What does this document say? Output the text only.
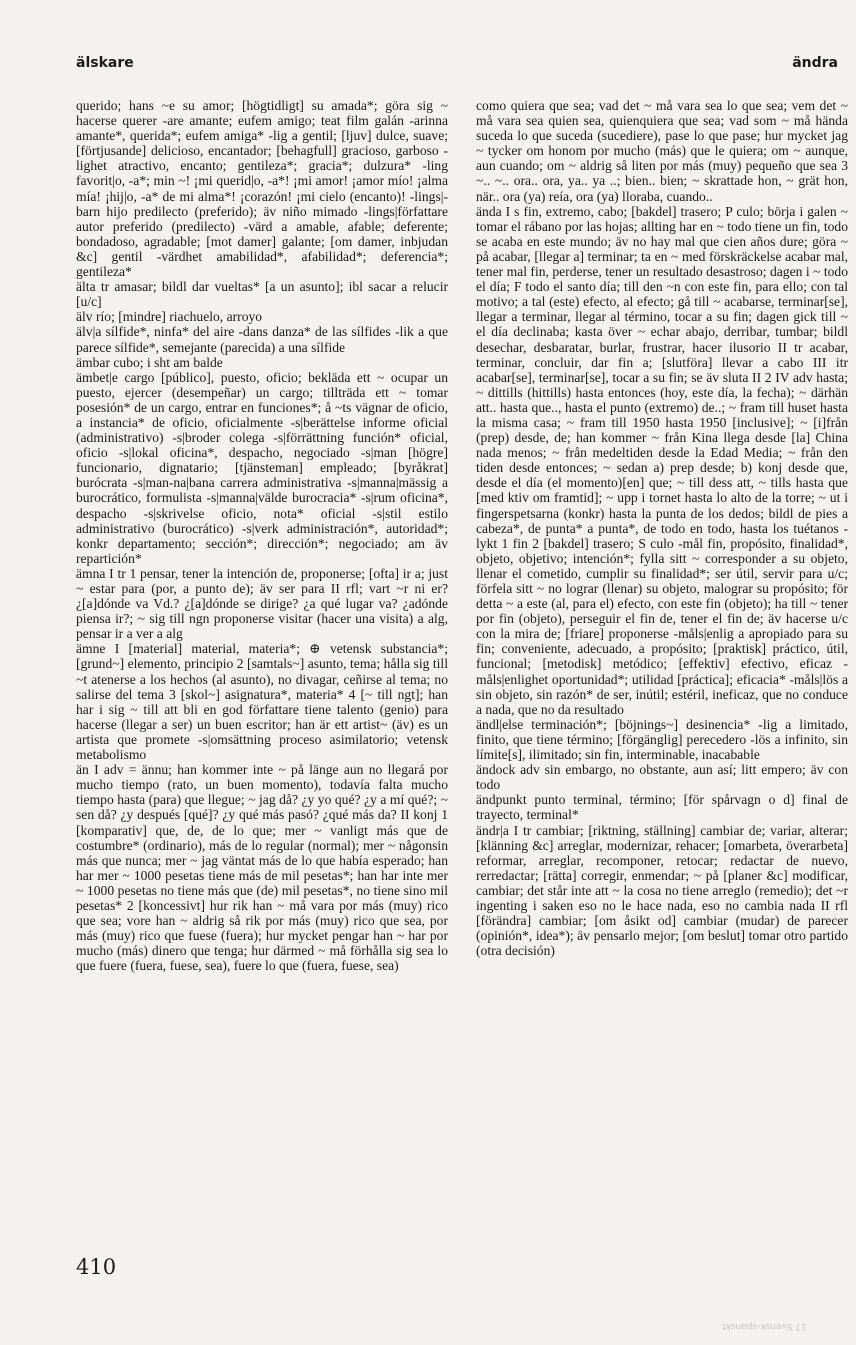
älskare	ändra

querido; hans ~e su amor; [högtidligt] su amada*; göra sig ~ hacerse querer -are amante; eufem amigo; teat film galán -arinna amante*, querida*; eufem amiga* -lig a gentil; [ljuv] dulce, suave; [förtjusande] delicioso, encantador; [behagfull] gracioso, garboso -lighet atractivo, encanto; gentileza*; gracia*; dulzura* -ling favorit|o, -a*; min ~! ¡mi querid|o, -a*! ¡mi amor! ¡amor mío! ¡alma mía! ¡hij|o, -a* de mi alma*! ¡corazón! ¡mi cielo (encanto)! -lings|-barn hijo predilecto (preferido); äv niño mimado -lings|författare autor preferido (predilecto) -värd a amable, afable; deferente; bondadoso, agradable; [mot damer] galante; [om damer, inbjudan &c] gentil -värdhet amabilidad*, afabilidad*; deferencia*; gentileza*

älta tr amasar; bildl dar vueltas* [a un asunto]; ibl sacar a relucir [u/c]

älv río; [mindre] riachuelo, arroyo

älv|a sílfide*, ninfa* del aire -dans danza* de las sílfides -lik a que parece sílfide*, semejante (parecida) a una sílfide

ämbar cubo; i sht am balde

ämbet|e cargo [público], puesto, oficio; bekläda ett ~ ocupar un puesto, ejercer (desempeñar) un cargo; tillträda ett ~ tomar posesión* de un cargo, entrar en funciones*; å ~ts vägnar de oficio, a instancia* de oficio, oficialmente -s|berättelse informe oficial (administrativo) -s|broder colega -s|förrättning función* oficial, oficio -s|lokal oficina*, despacho, negociado -s|man [högre] funcionario, dignatario; [tjänsteman] empleado; [byråkrat] burócrata -s|man-na|bana carrera administrativa -s|manna|mässig a burocrático, formulista -s|manna|välde burocracia* -s|rum oficina*, despacho -s|skrivelse oficio, nota* oficial -s|stil estilo administrativo (burocrático) -s|verk administración*, autoridad*; konkr departamento; sección*; dirección*; negociado; am äv repartición*

ämna I tr 1 pensar, tener la intención de, proponerse; [ofta] ir a; just ~ estar para (por, a punto de); äv ser para II rfl; vart ~r ni er? ¿[a]dónde va Vd.? ¿[a]dónde se dirige? ¿a qué lugar va? ¿adónde piensa ir?; ~ sig till ngn proponerse visitar (hacer una visita) a alg, pensar ir a ver a alg

ämne I [material] material, materia*; ⊕ vetensk substancia*; [grund~] elemento, principio 2 [samtals~] asunto, tema; hålla sig till ~t atenerse a los hechos (al asunto), no divagar, ceñirse al tema; no salirse del tema 3 [skol~] asignatura*, materia* 4 [~ till ngt]; han har i sig ~ till att bli en god författare tiene talento (genio) para hacerse (llegar a ser) un buen escritor; han är ett artist~ (äv) es un artista que promete -s|omsättning proceso asimilatorio; vetensk metabolismo

än I adv = ännu; han kommer inte ~ på länge aun no llegará por mucho tiempo (rato, un buen momento), todavía falta mucho tiempo hasta (para) que llegue; ~ jag då? ¿y yo qué? ¿y a mí qué?; ~ sen då? ¿y después [qué]? ¿y qué más pasó? ¿qué más da? II konj 1 [komparativ] que, de, de lo que; mer ~ vanligt más que de costumbre* (ordinario), más de lo regular (normal); mer ~ någonsin más que nunca; mer ~ jag väntat más de lo que había esperado; han har mer ~ 1000 pesetas tiene más de mil pesetas*; han har inte mer ~ 1000 pesetas no tiene más que (de) mil pesetas*, no tiene sino mil pesetas* 2 [koncessivt] hur rik han ~ må vara por más (muy) rico que sea; vore han ~ aldrig så rik por más (muy) rico que sea, por más (muy) rico que fuese (fuera); hur mycket pengar han ~ har por mucho (más) dinero que tenga; hur därmed ~ må förhålla sig sea lo que fuere (fuera, fuese, sea), fuere lo que (fuera, fuese, sea)

como quiera que sea; vad det ~ må vara sea lo que sea; vem det ~ må vara sea quien sea, quienquiera que sea; vad som ~ må hända suceda lo que suceda (sucediere), pase lo que pase; hur mycket jag ~ tycker om honom por mucho (más) que le quiera; om ~ aunque, aun cuando; om ~ aldrig så liten por más (muy) pequeño que sea 3 ~.. ~.. ora.. ora, ya.. ya ..; bien.. bien; ~ skrattade hon, ~ grät hon, när.. ora (ya) reía, ora (ya) lloraba, cuando..

ända I s fin, extremo, cabo; [bakdel] trasero; P culo; börja i galen ~ tomar el rábano por las hojas; allting har en ~ todo tiene un fin, todo se acaba en este mundo; äv no hay mal que cien años dure; göra ~ på acabar, [llegar a] terminar; ta en ~ med förskräckelse acabar mal, tener mal fin, perderse, tener un resultado desastroso; dagen i ~ todo el día; F todo el santo día; till den ~n con este fin, para ello; con tal motivo; a tal (este) efecto, al efecto; gå till ~ acabarse, terminar[se], llegar a terminar, llegar al término, tocar a su fin; dagen gick till ~ el día declinaba; kasta över ~ echar abajo, derribar, tumbar; bildl desechar, desbaratar, burlar, frustrar, hacer ilusorio II tr acabar, terminar, concluir, dar fin a; [slutföra] llevar a cabo III itr acabar[se], terminar[se], tocar a su fin; se äv sluta II 2 IV adv hasta; ~ dittills (hittills) hasta entonces (hoy, este día, la fecha); ~ därhän att.. hasta que.., hasta el punto (extremo) de..; ~ fram till huset hasta la misma casa; ~ fram till 1950 hasta 1950 [inclusive]; ~ [i]från (prep) desde, de; han kommer ~ från Kina llega desde [la] China nada menos; ~ från medeltiden desde la Edad Media; ~ från den tiden desde entonces; ~ sedan a) prep desde; b) konj desde que, desde el día (el momento)[en] que; ~ till dess att, ~ tills hasta que [med ktiv om framtid]; ~ upp i tornet hasta lo alto de la torre; ~ ut i fingerspetsarna (konkr) hasta la punta de los dedos; bildl de pies a cabeza*, de punta* a punta*, de todo en todo, hasta los tuétanos -lykt 1 fin 2 [bakdel] trasero; S culo -mål fin, propósito, finalidad*, objeto, objetivo; intención*; fylla sitt ~ corresponder a su objeto, llenar el cometido, cumplir su finalidad*; ser útil, servir para u/c; förfela sitt ~ no lograr (llenar) su objeto, malograr su propósito; för detta ~ a este (al, para el) efecto, con este fin (objeto); ha till ~ tener por fin (objeto), perseguir el fin de, tener el fin de; äv hacerse u/c con la mira de; [friare] proponerse -måls|enlig a apropiado para su fin; conveniente, adecuado, a propósito; [praktisk] práctico, útil, funcional; [metodisk] metódico; [effektiv] efectivo, eficaz -måls|enlighet oportunidad*; utilidad [práctica]; eficacia* -måls|lös a sin objeto, sin razón* de ser, inútil; estéril, ineficaz, que no conduce a nada, que no da resultado

ändl|else terminación*; [böjnings~] desinencia* -lig a limitado, finito, que tiene término; [förgänglig] perecedero -lös a infinito, sin límite[s], ilimitado; sin fin, interminable, inacabable

ändock adv sin embargo, no obstante, aun así; litt empero; äv con todo

ändpunkt punto terminal, término; [för spårvagn o d] final de trayecto, terminal*

ändr|a I tr cambiar; [riktning, ställning] cambiar de; variar, alterar; [klänning &c] arreglar, modernizar, rehacer; [omarbeta, överarbeta] reformar, arreglar, recomponer, retocar; redactar de nuevo, rerredactar; [rätta] corregir, enmendar; ~ på [planer &c] modificar, cambiar; det står inte att ~ la cosa no tiene arreglo (remedio); det ~r ingenting i saken eso no le hace nada, eso no cambia nada II rfl [förändra] cambiar; [om åsikt od] cambiar (mudar) de parecer (opinión*, idea*); äv pensarlo mejor; [om beslut] tomar otro partido (otra decisión)

410
17 Svensk-spanskt
